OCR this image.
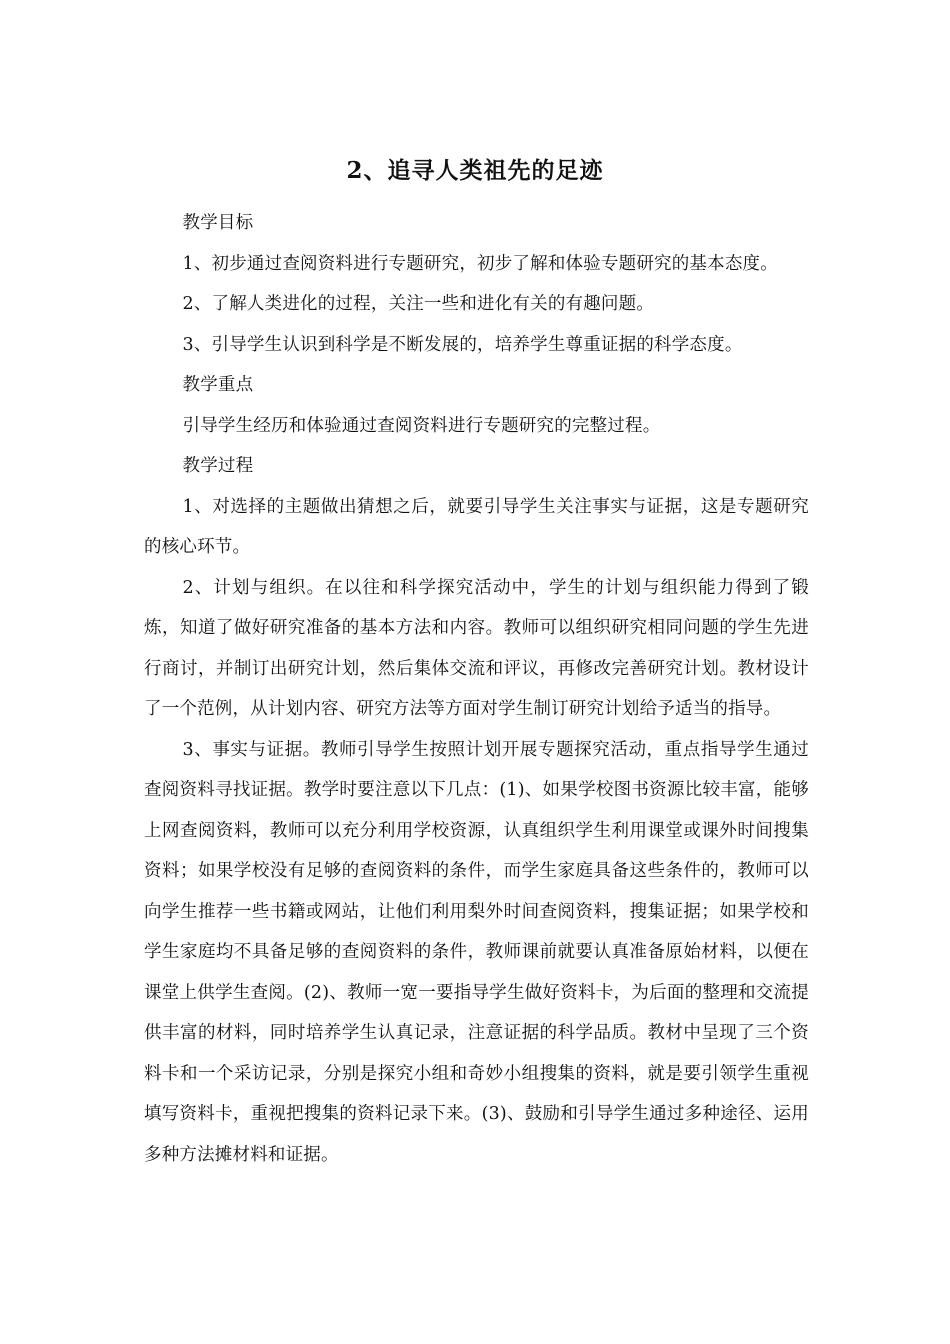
2、追寻人类祖先的足迹

教学目标

1、初步通过查阅资料进行专题研究，初步了解和体验专题研究的基本态度。

2、了解人类进化的过程，关注一些和进化有关的有趣问题。

3、引导学生认识到科学是不断发展的，培养学生尊重证据的科学态度。

教学重点

引导学生经历和体验通过查阅资料进行专题研究的完整过程。

教学过程

1、对选择的主题做出猜想之后，就要引导学生关注事实与证据，这是专题研究的核心环节。

2、计划与组织。在以往和科学探究活动中，学生的计划与组织能力得到了锻炼，知道了做好研究准备的基本方法和内容。教师可以组织研究相同问题的学生先进行商讨，并制订出研究计划，然后集体交流和评议，再修改完善研究计划。教材设计了一个范例，从计划内容、研究方法等方面对学生制订研究计划给予适当的指导。

3、事实与证据。教师引导学生按照计划开展专题探究活动，重点指导学生通过查阅资料寻找证据。教学时要注意以下几点：(1)、如果学校图书资源比较丰富，能够上网查阅资料，教师可以充分利用学校资源，认真组织学生利用课堂或课外时间搜集资料；如果学校没有足够的查阅资料的条件，而学生家庭具备这些条件的，教师可以向学生推荐一些书籍或网站，让他们利用梨外时间查阅资料，搜集证据；如果学校和学生家庭均不具备足够的查阅资料的条件，教师课前就要认真准备原始材料，以便在课堂上供学生查阅。(2)、教师一宽一要指导学生做好资料卡，为后面的整理和交流提供丰富的材料，同时培养学生认真记录，注意证据的科学品质。教材中呈现了三个资料卡和一个采访记录，分别是探究小组和奇妙小组搜集的资料，就是要引领学生重视填写资料卡，重视把搜集的资料记录下来。(3)、鼓励和引导学生通过多种途径、运用多种方法摊材料和证据。
